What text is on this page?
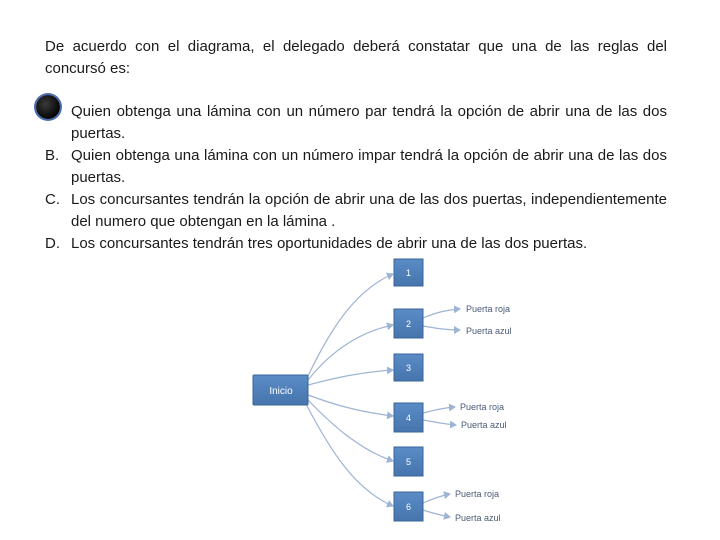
De acuerdo con el diagrama, el delegado deberá constatar que una de las reglas del concursó es:

Quien obtenga una lámina con un número par tendrá la opción de abrir una de las dos puertas.
B. Quien obtenga una lámina con un número impar tendrá la opción de abrir una de las dos puertas.
C. Los concursantes tendrán la opción de abrir una de las dos puertas, independientemente del numero que obtengan en la lámina .
D. Los concursantes tendrán tres oportunidades de abrir una de las dos puertas.
Inicio
1
2
3
4
5
6
Puerta roja
Puerta azul
Puerta roja
Puerta azul
Puerta roja
Puerta azul
